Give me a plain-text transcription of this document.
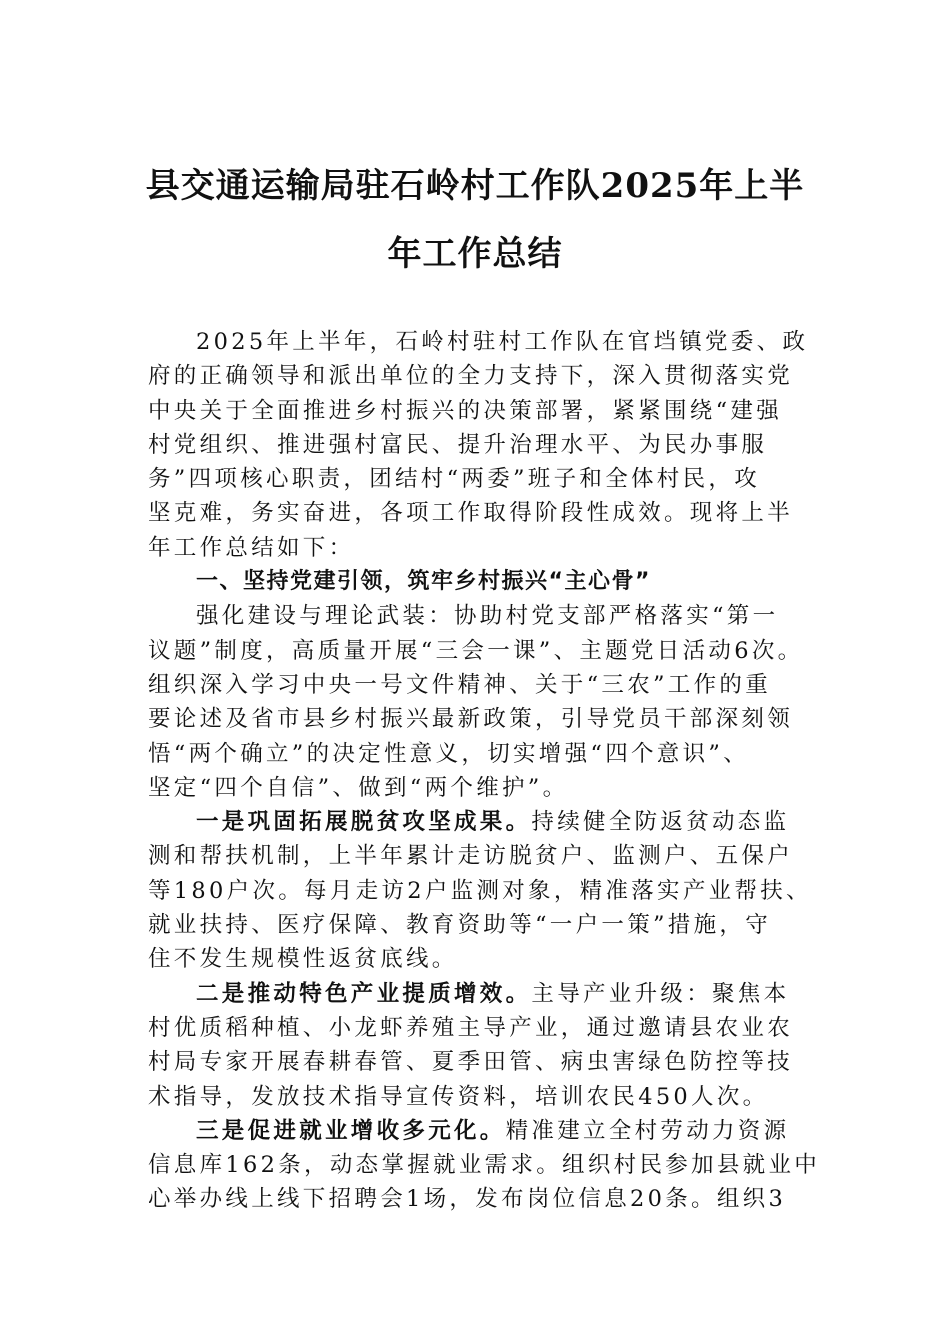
县交通运输局驻石岭村工作队2025年上半
年工作总结

2025年上半年，石岭村驻村工作队在官垱镇党委、政
府的正确领导和派出单位的全力支持下，深入贯彻落实党
中央关于全面推进乡村振兴的决策部署，紧紧围绕“建强
村党组织、推进强村富民、提升治理水平、为民办事服
务”四项核心职责，团结村“两委”班子和全体村民，攻
坚克难，务实奋进，各项工作取得阶段性成效。现将上半
年工作总结如下：

一、坚持党建引领，筑牢乡村振兴“主心骨”

强化建设与理论武装：协助村党支部严格落实“第一
议题”制度，高质量开展“三会一课”、主题党日活动6次。
组织深入学习中央一号文件精神、关于“三农”工作的重
要论述及省市县乡村振兴最新政策，引导党员干部深刻领
悟“两个确立”的决定性意义，切实增强“四个意识”、
坚定“四个自信”、做到“两个维护”。

一是巩固拓展脱贫攻坚成果。持续健全防返贫动态监
测和帮扶机制，上半年累计走访脱贫户、监测户、五保户
等180户次。每月走访2户监测对象，精准落实产业帮扶、
就业扶持、医疗保障、教育资助等“一户一策”措施，守
住不发生规模性返贫底线。

二是推动特色产业提质增效。主导产业升级：聚焦本
村优质稻种植、小龙虾养殖主导产业，通过邀请县农业农
村局专家开展春耕春管、夏季田管、病虫害绿色防控等技
术指导，发放技术指导宣传资料，培训农民450人次。

三是促进就业增收多元化。精准建立全村劳动力资源
信息库162条，动态掌握就业需求。组织村民参加县就业中
心举办线上线下招聘会1场，发布岗位信息20条。组织3
